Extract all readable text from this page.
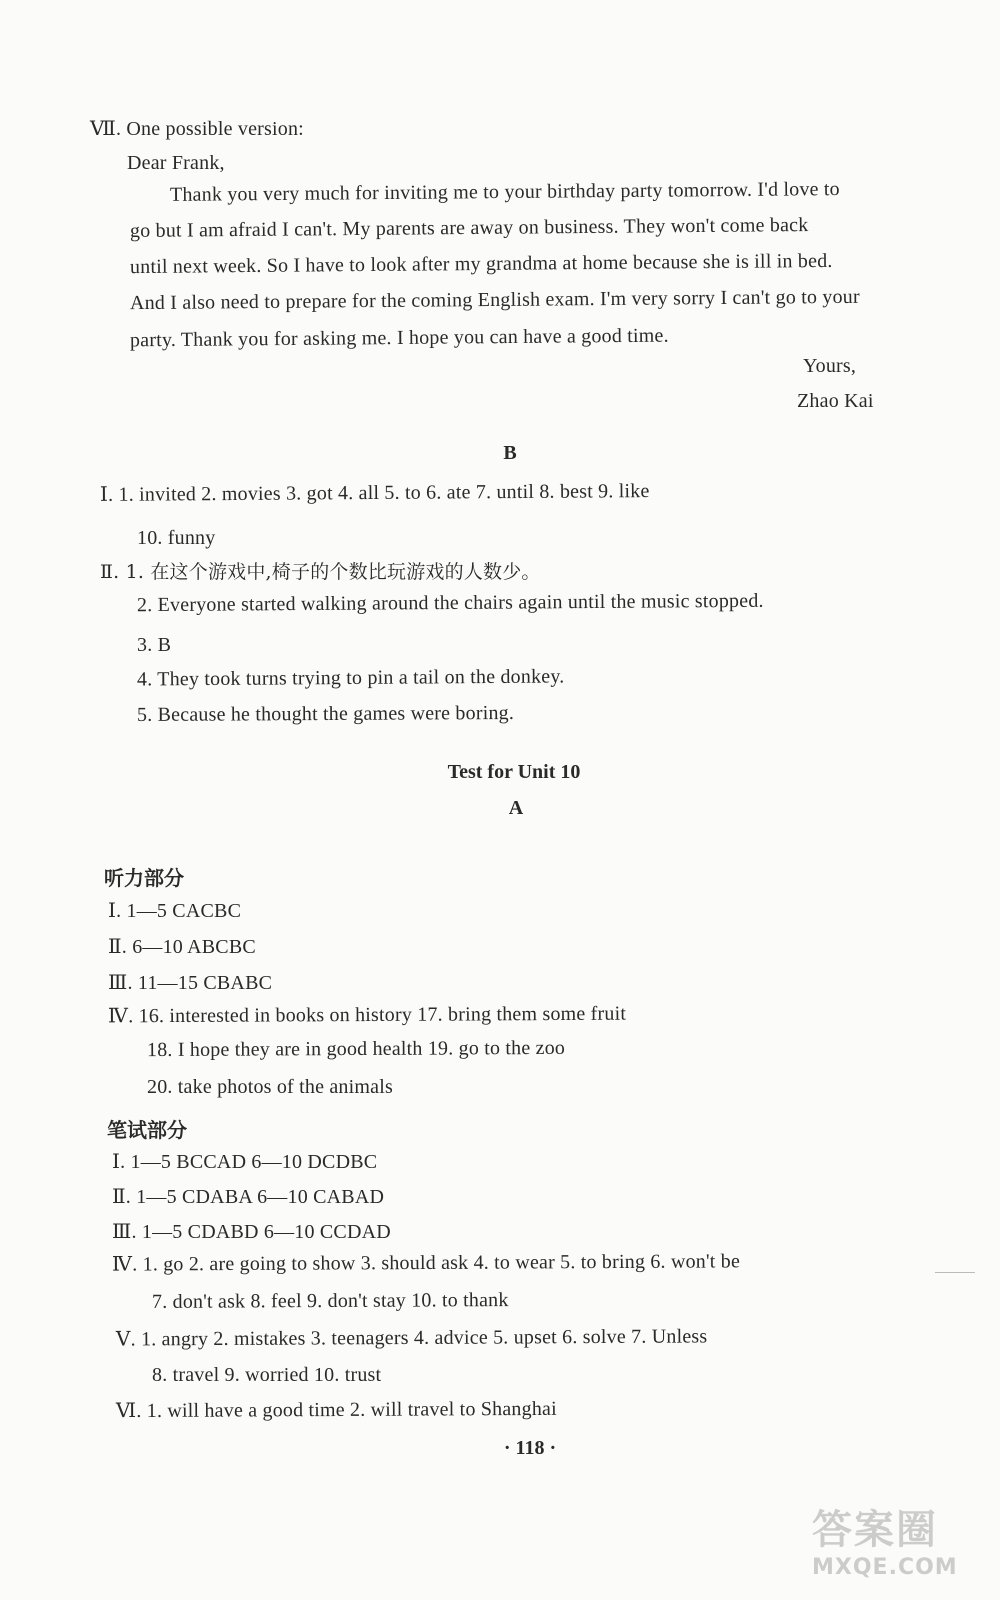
Ⅶ. One possible version:
Dear Frank,
Thank you very much for inviting me to your birthday party tomorrow. I'd love to
go but I am afraid I can't. My parents are away on business. They won't come back
until next week. So I have to look after my grandma at home because she is ill in bed.
And I also need to prepare for the coming English exam. I'm very sorry I can't go to your
party. Thank you for asking me. I hope you can have a good time.
Yours,
Zhao Kai
B
Ⅰ. 1. invited 2. movies 3. got 4. all 5. to 6. ate 7. until 8. best 9. like
10. funny
Ⅱ. 1. 在这个游戏中,椅子的个数比玩游戏的人数少。
2. Everyone started walking around the chairs again until the music stopped.
3. B
4. They took turns trying to pin a tail on the donkey.
5. Because he thought the games were boring.
Test for Unit 10
A
听力部分
Ⅰ. 1—5 CACBC
Ⅱ. 6—10 ABCBC
Ⅲ. 11—15 CBABC
Ⅳ. 16. interested in books on history 17. bring them some fruit
18. I hope they are in good health 19. go to the zoo
20. take photos of the animals
笔试部分
Ⅰ. 1—5 BCCAD 6—10 DCDBC
Ⅱ. 1—5 CDABA 6—10 CABAD
Ⅲ. 1—5 CDABD 6—10 CCDAD
Ⅳ. 1. go 2. are going to show 3. should ask 4. to wear 5. to bring 6. won't be
7. don't ask 8. feel 9. don't stay 10. to thank
Ⅴ. 1. angry 2. mistakes 3. teenagers 4. advice 5. upset 6. solve 7. Unless
8. travel 9. worried 10. trust
Ⅵ. 1. will have a good time 2. will travel to Shanghai
· 118 ·
答案圈
MXQE.COM
